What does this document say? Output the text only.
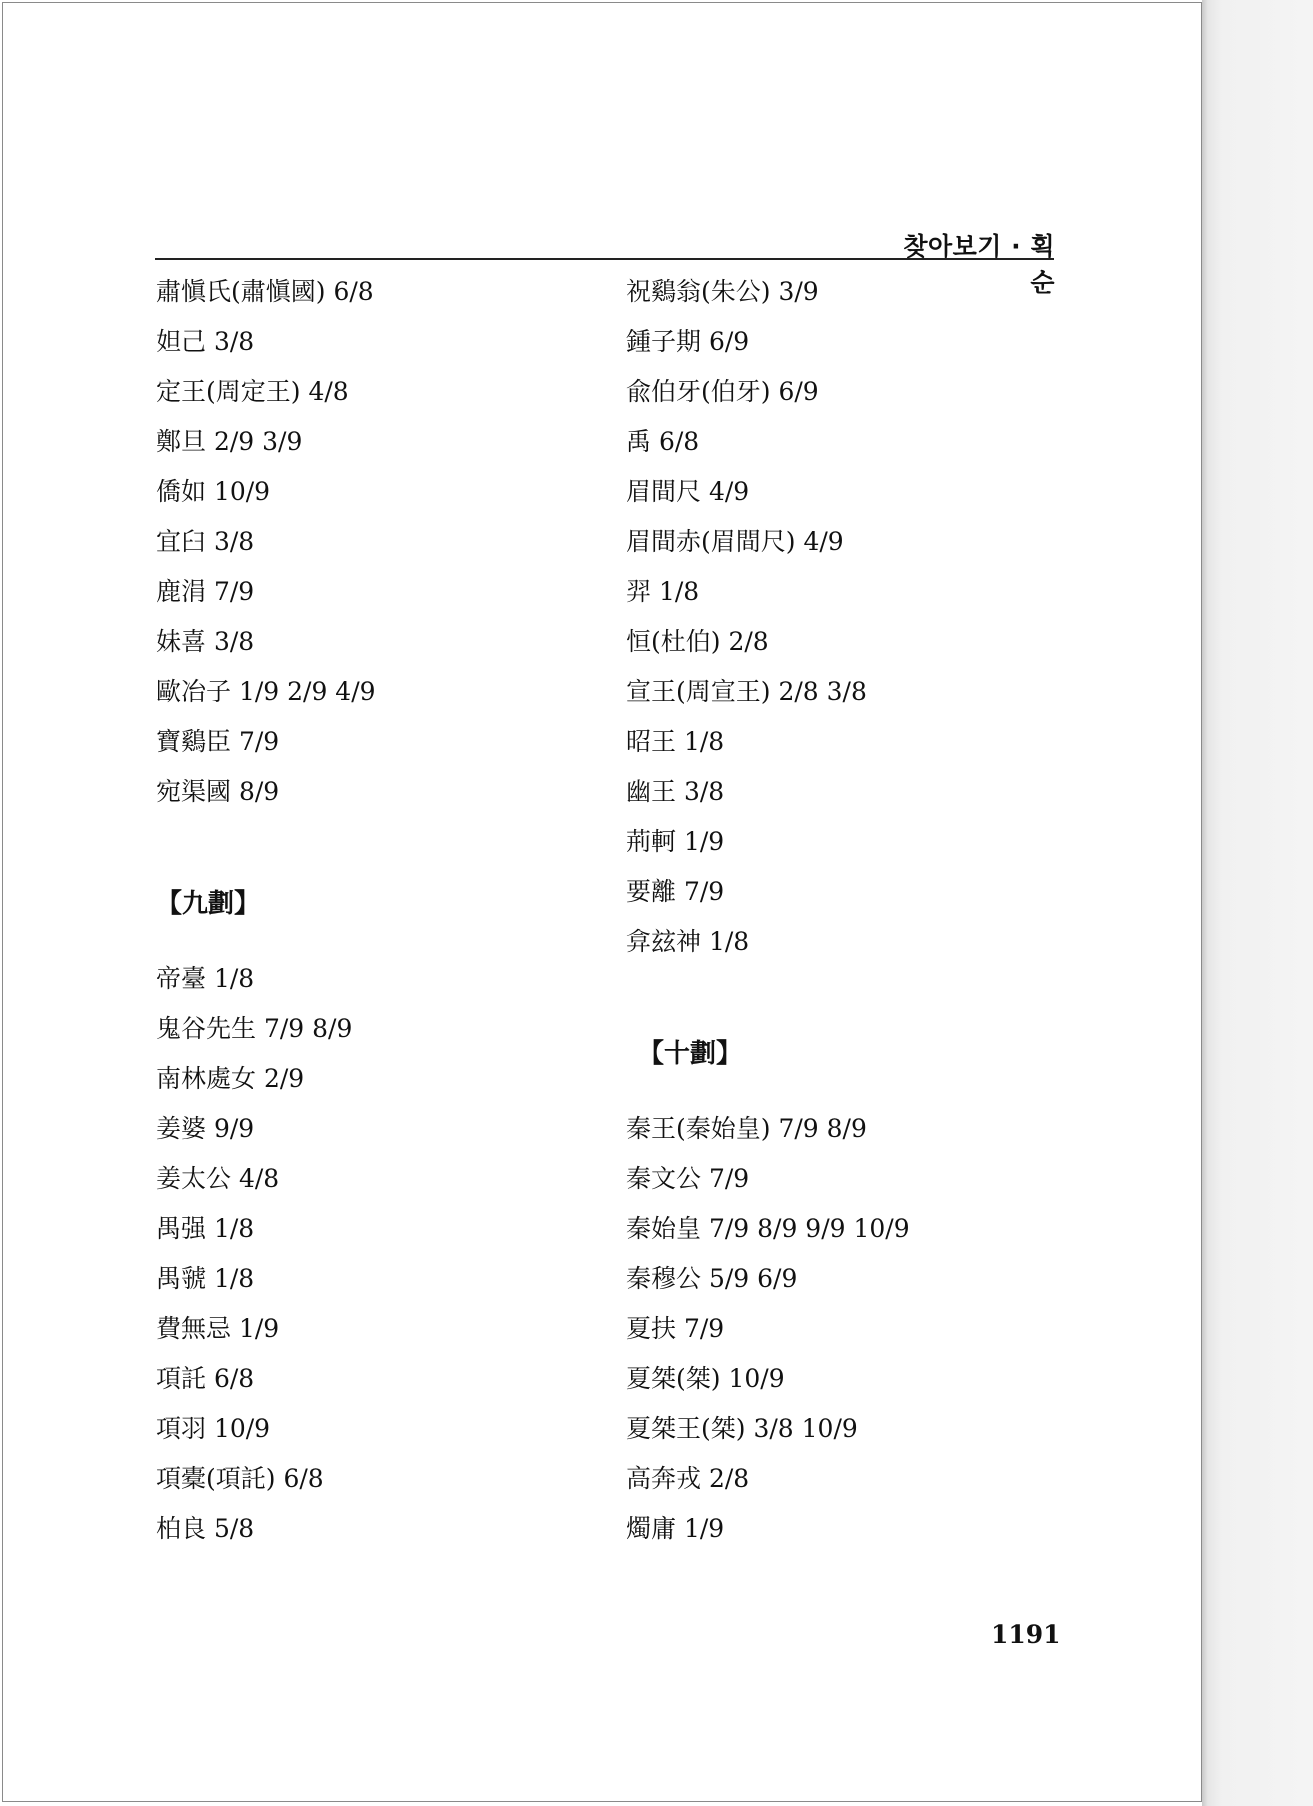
찾아보기 · 획순
肅愼氏(肅愼國) 6/8
妲己 3/8
定王(周定王) 4/8
鄭旦 2/9 3/9
僑如 10/9
宜臼 3/8
鹿涓 7/9
妹喜 3/8
歐冶子 1/9 2/9 4/9
寶鷄臣 7/9
宛渠國 8/9
【九劃】
帝臺 1/8
鬼谷先生 7/9 8/9
南林處女 2/9
姜婆 9/9
姜太公 4/8
禺强 1/8
禺虢 1/8
費無忌 1/9
項託 6/8
項羽 10/9
項橐(項託) 6/8
柏良 5/8
祝鷄翁(朱公) 3/9
鍾子期 6/9
兪伯牙(伯牙) 6/9
禹 6/8
眉間尺 4/9
眉間赤(眉間尺) 4/9
羿 1/8
恒(杜伯) 2/8
宣王(周宣王) 2/8 3/8
昭王 1/8
幽王 3/8
荊軻 1/9
要離 7/9
弇玆神 1/8
【十劃】
秦王(秦始皇) 7/9 8/9
秦文公 7/9
秦始皇 7/9 8/9 9/9 10/9
秦穆公 5/9 6/9
夏扶 7/9
夏桀(桀) 10/9
夏桀王(桀) 3/8 10/9
高奔戎 2/8
燭庸 1/9
1191
